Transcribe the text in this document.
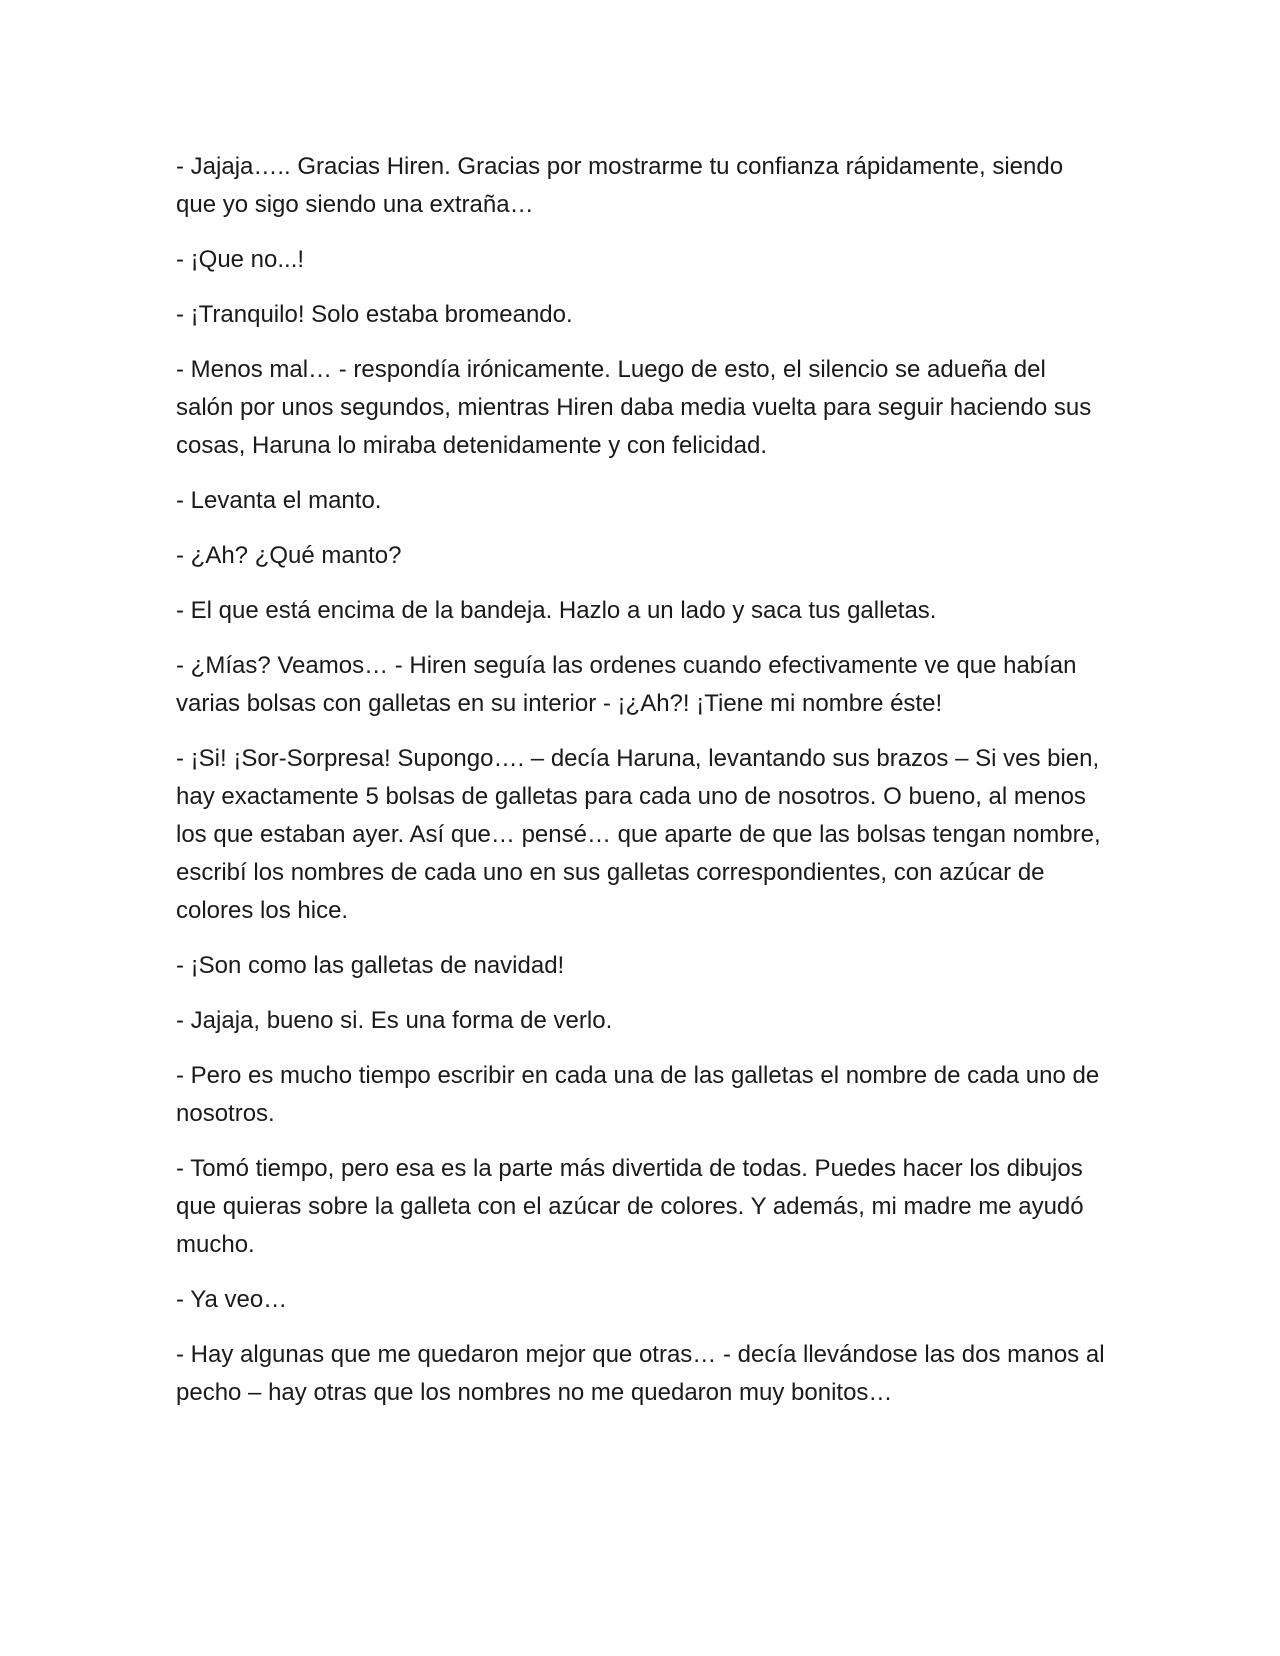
- Jajaja….. Gracias Hiren. Gracias por mostrarme tu confianza rápidamente, siendo que yo sigo siendo una extraña…

- ¡Que no...!

- ¡Tranquilo! Solo estaba bromeando.

- Menos mal… - respondía irónicamente. Luego de esto, el silencio se adueña del salón por unos segundos, mientras Hiren daba media vuelta para seguir haciendo sus cosas, Haruna lo miraba detenidamente y con felicidad.

- Levanta el manto.

- ¿Ah? ¿Qué manto?

- El que está encima de la bandeja. Hazlo a un lado y saca tus galletas.

- ¿Mías? Veamos… - Hiren seguía las ordenes cuando efectivamente ve que habían varias bolsas con galletas en su interior - ¡¿Ah?! ¡Tiene mi nombre éste!

- ¡Si! ¡Sor-Sorpresa! Supongo…. – decía Haruna, levantando sus brazos – Si ves bien, hay exactamente 5 bolsas de galletas para cada uno de nosotros. O bueno, al menos los que estaban ayer. Así que… pensé… que aparte de que las bolsas tengan nombre, escribí los nombres de cada uno en sus galletas correspondientes, con azúcar de colores los hice.

- ¡Son como las galletas de navidad!

- Jajaja, bueno si. Es una forma de verlo.

- Pero es mucho tiempo escribir en cada una de las galletas el nombre de cada uno de nosotros.

- Tomó tiempo, pero esa es la parte más divertida de todas. Puedes hacer los dibujos que quieras sobre la galleta con el azúcar de colores. Y además, mi madre me ayudó mucho.

- Ya veo…

- Hay algunas que me quedaron mejor que otras… - decía llevándose las dos manos al pecho – hay otras que los nombres no me quedaron muy bonitos…
